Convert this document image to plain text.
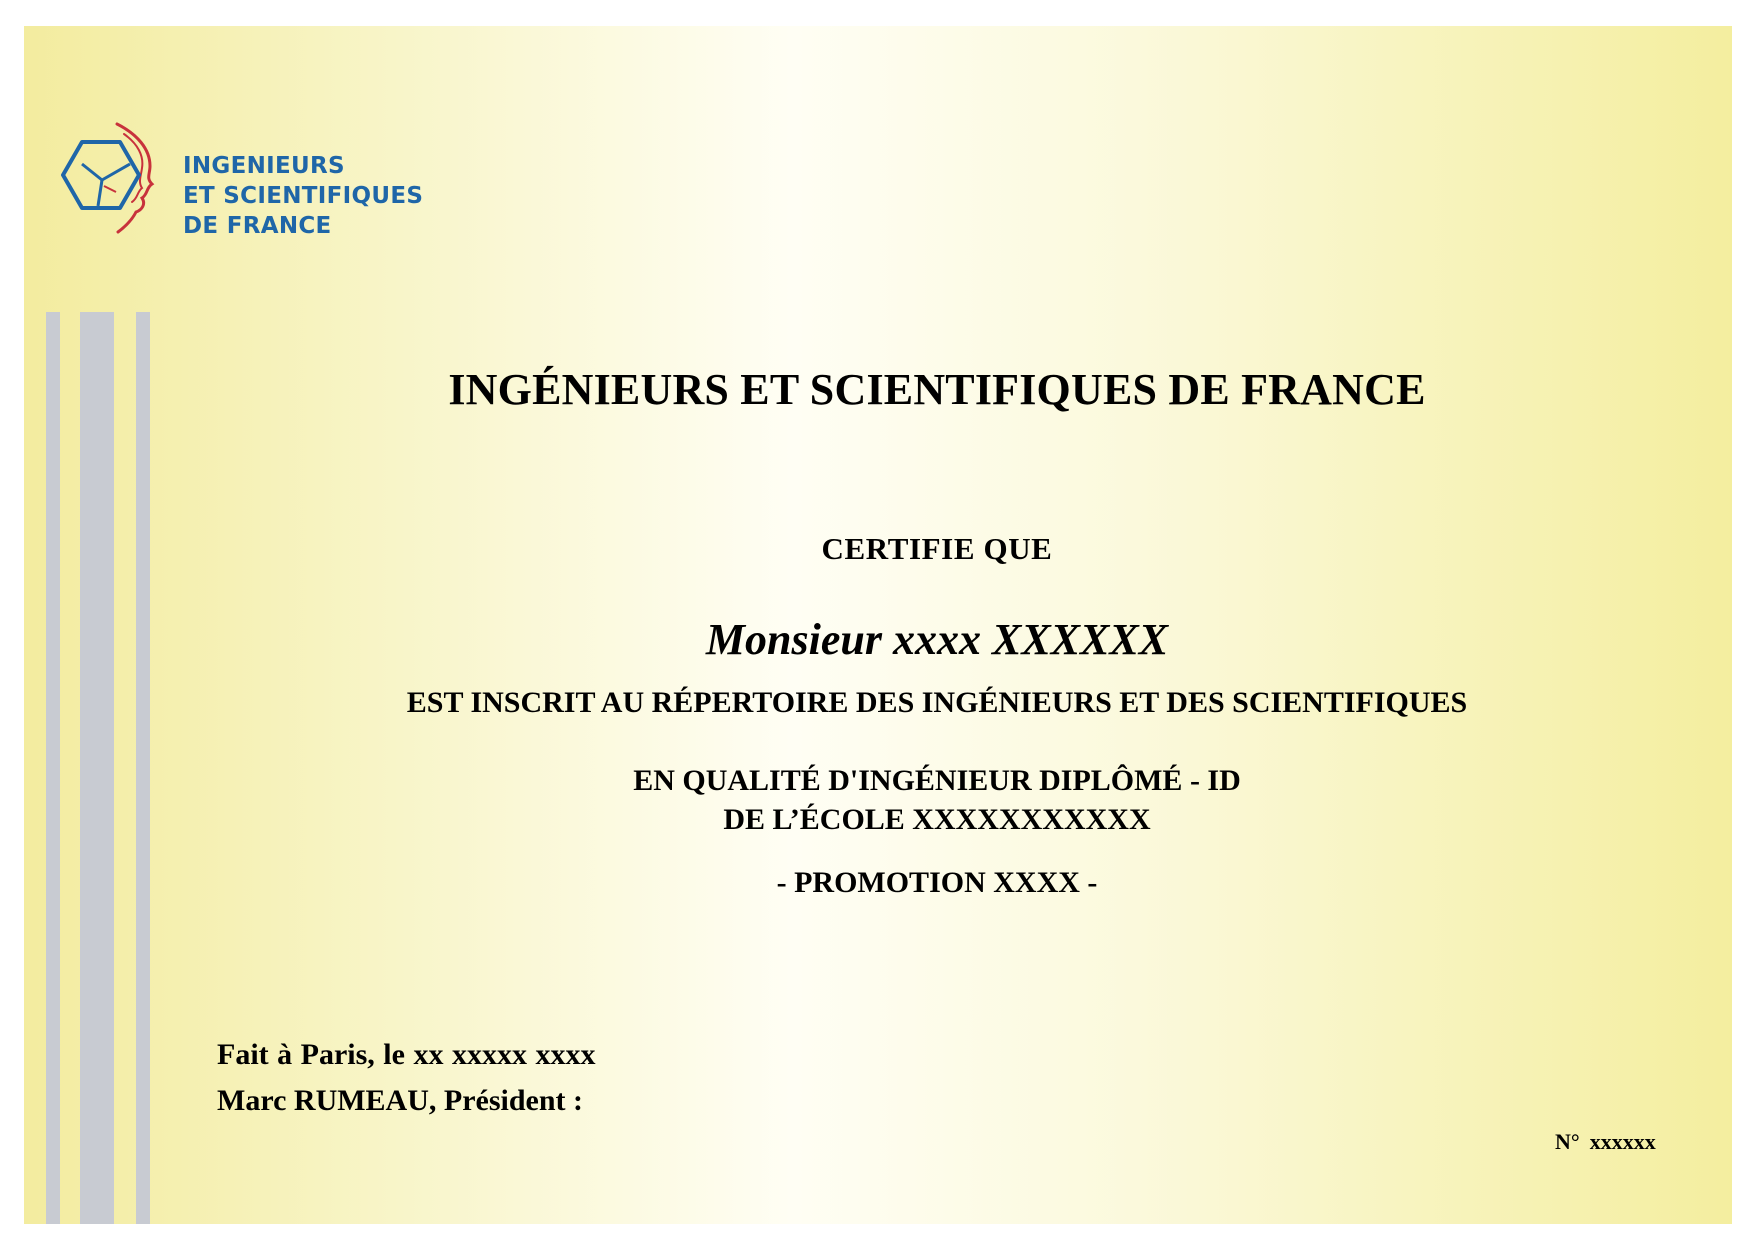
INGENIEURS
ET SCIENTIFIQUES
DE FRANCE
INGÉNIEURS ET SCIENTIFIQUES DE FRANCE
CERTIFIE QUE
Monsieur xxxx XXXXXX
EST INSCRIT AU RÉPERTOIRE DES INGÉNIEURS ET DES SCIENTIFIQUES
EN QUALITÉ D'INGÉNIEUR DIPLÔMÉ - ID
DE L’ÉCOLE XXXXXXXXXXX
- PROMOTION XXXX -
Fait à Paris, le xx xxxxx xxxx
Marc RUMEAU, Président :
N° xxxxxx
